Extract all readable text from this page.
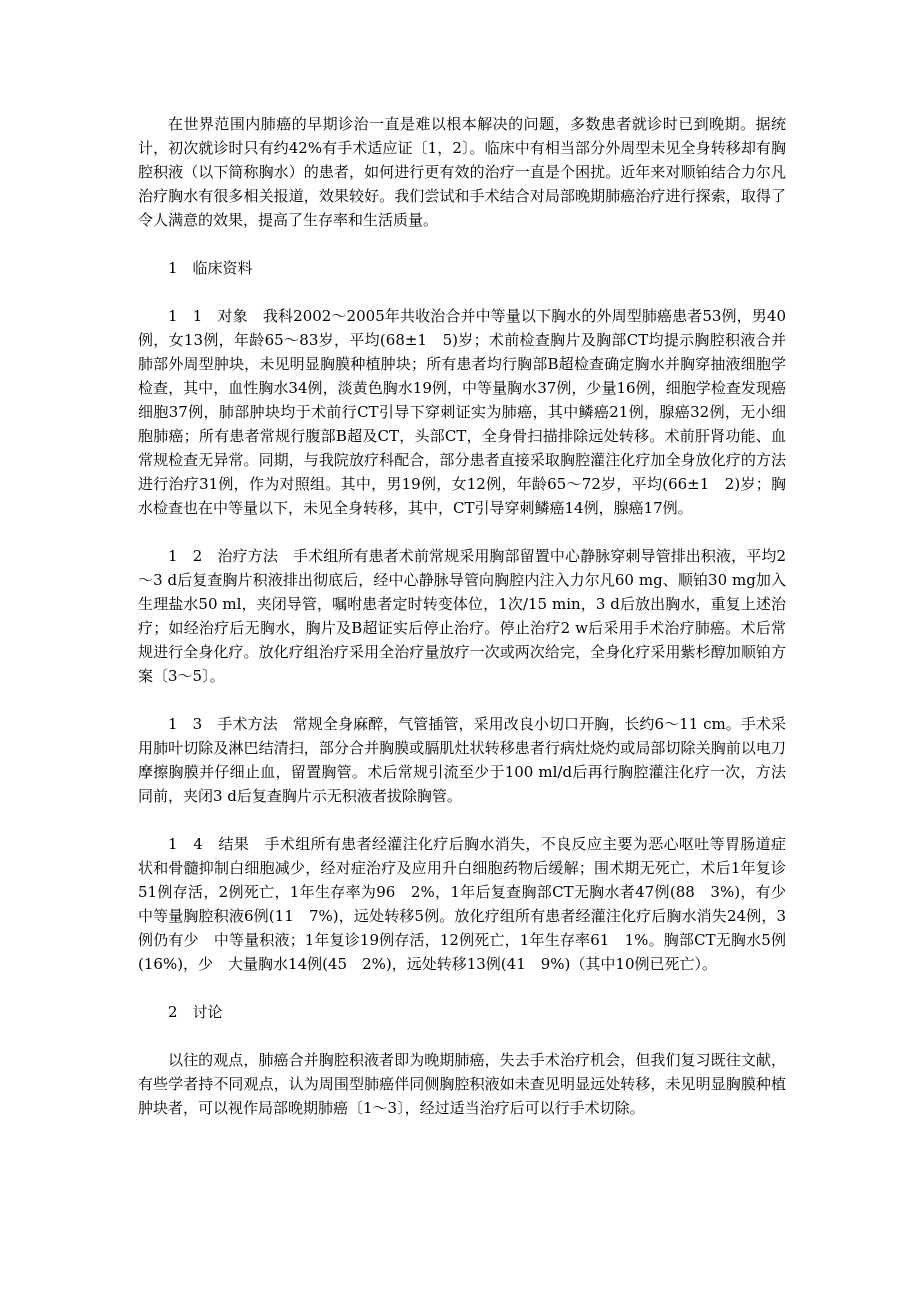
在世界范围内肺癌的早期诊治一直是难以根本解决的问题，多数患者就诊时已到晚期。据统计，初次就诊时只有约42%有手术适应证〔1，2〕。临床中有相当部分外周型未见全身转移却有胸腔积液（以下简称胸水）的患者，如何进行更有效的治疗一直是个困扰。近年来对顺铂结合力尔凡治疗胸水有很多相关报道，效果较好。我们尝试和手术结合对局部晚期肺癌治疗进行探索，取得了令人满意的效果，提高了生存率和生活质量。

1　临床资料

1　1　对象　我科2002～2005年共收治合并中等量以下胸水的外周型肺癌患者53例，男40例，女13例，年龄65～83岁，平均(68±1　5)岁；术前检查胸片及胸部CT均提示胸腔积液合并肺部外周型肿块，未见明显胸膜种植肿块；所有患者均行胸部B超检查确定胸水并胸穿抽液细胞学检查，其中，血性胸水34例，淡黄色胸水19例，中等量胸水37例，少量16例，细胞学检查发现癌细胞37例，肺部肿块均于术前行CT引导下穿刺证实为肺癌，其中鳞癌21例，腺癌32例，无小细胞肺癌；所有患者常规行腹部B超及CT，头部CT，全身骨扫描排除远处转移。术前肝肾功能、血常规检查无异常。同期，与我院放疗科配合，部分患者直接采取胸腔灌注化疗加全身放化疗的方法进行治疗31例，作为对照组。其中，男19例，女12例，年龄65～72岁，平均(66±1　2)岁；胸水检查也在中等量以下，未见全身转移，其中，CT引导穿刺鳞癌14例，腺癌17例。

1　2　治疗方法　手术组所有患者术前常规采用胸部留置中心静脉穿刺导管排出积液，平均2～3 d后复查胸片积液排出彻底后，经中心静脉导管向胸腔内注入力尔凡60 mg、顺铂30 mg加入生理盐水50 ml，夹闭导管，嘱咐患者定时转变体位，1次/15 min，3 d后放出胸水，重复上述治疗；如经治疗后无胸水，胸片及B超证实后停止治疗。停止治疗2 w后采用手术治疗肺癌。术后常规进行全身化疗。放化疗组治疗采用全治疗量放疗一次或两次给完，全身化疗采用紫杉醇加顺铂方案〔3～5〕。

1　3　手术方法　常规全身麻醉，气管插管，采用改良小切口开胸，长约6～11 cm。手术采用肺叶切除及淋巴结清扫，部分合并胸膜或膈肌灶状转移患者行病灶烧灼或局部切除关胸前以电刀摩擦胸膜并仔细止血，留置胸管。术后常规引流至少于100 ml/d后再行胸腔灌注化疗一次，方法同前，夹闭3 d后复查胸片示无积液者拔除胸管。

1　4　结果　手术组所有患者经灌注化疗后胸水消失，不良反应主要为恶心呕吐等胃肠道症状和骨髓抑制白细胞减少，经对症治疗及应用升白细胞药物后缓解；围术期无死亡，术后1年复诊51例存活，2例死亡，1年生存率为96　2%，1年后复查胸部CT无胸水者47例(88　3%)，有少　中等量胸腔积液6例(11　7%)，远处转移5例。放化疗组所有患者经灌注化疗后胸水消失24例，3例仍有少　中等量积液；1年复诊19例存活，12例死亡，1年生存率61　1%。胸部CT无胸水5例(16%)，少　大量胸水14例(45　2%)，远处转移13例(41　9%)（其中10例已死亡）。

2　讨论

以往的观点，肺癌合并胸腔积液者即为晚期肺癌，失去手术治疗机会，但我们复习既往文献，有些学者持不同观点，认为周围型肺癌伴同侧胸腔积液如未查见明显远处转移，未见明显胸膜种植肿块者，可以视作局部晚期肺癌〔1～3〕，经过适当治疗后可以行手术切除。
